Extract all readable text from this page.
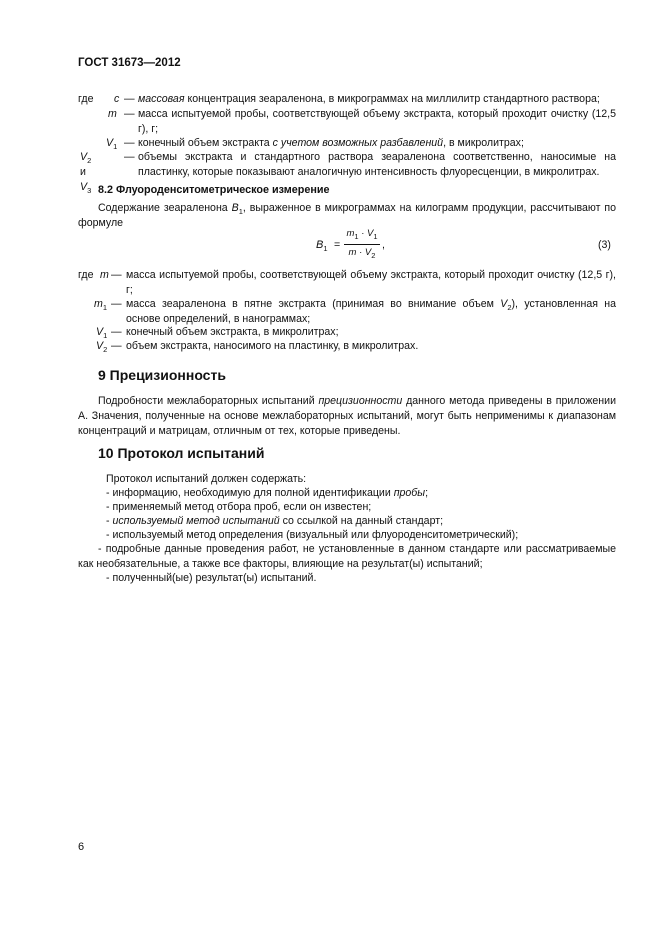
ГОСТ 31673—2012
где c — массовая концентрация зеараленона, в микрограммах на миллилитр стандартного раствора;
m — масса испытуемой пробы, соответствующей объему экстракта, который проходит очистку (12,5 г), г;
$V_1$ — конечный объем экстракта с учетом возможных разбавлений, в микролитрах;
$V_2$ и $V_3$
— объемы экстракта и стандартного раствора зеараленона соответственно, наносимые на пластинку, которые показывают аналогичную интенсивность флуоресценции, в микролитрах.
8.2 Флуороденситометрическое измерение
Содержание зеараленона $B_1$, выраженное в микрограммах на килограмм продукции, рассчитывают по формуле
$B_1$ =
$m_1 \cdot V_1$
$m \cdot V_2$
,	(3)
где m — масса испытуемой пробы, соответствующей объему экстракта, который проходит очистку (12,5 г), г;
$m_1$ — масса зеараленона в пятне экстракта (принимая во внимание объем $V_2$), установленная на основе определений, в нанограммах;
$V_1$ — конечный объем экстракта, в микролитрах;
$V_2$ — объем экстракта, наносимого на пластинку, в микролитрах.
9 Прецизионность
Подробности межлабораторных испытаний прецизионности данного метода приведены в приложении А. Значения, полученные на основе межлабораторных испытаний, могут быть неприменимы к диапазонам концентраций и матрицам, отличным от тех, которые приведены.
10 Протокол испытаний
Протокол испытаний должен содержать:
- информацию, необходимую для полной идентификации пробы;
- применяемый метод отбора проб, если он известен;
- используемый метод испытаний со ссылкой на данный стандарт;
- используемый метод определения (визуальный или флуороденситометрический);
- подробные данные проведения работ, не установленные в данном стандарте или рассматриваемые как необязательные, а также все факторы, влияющие на результат(ы) испытаний;
- полученный(ые) результат(ы) испытаний.
6
